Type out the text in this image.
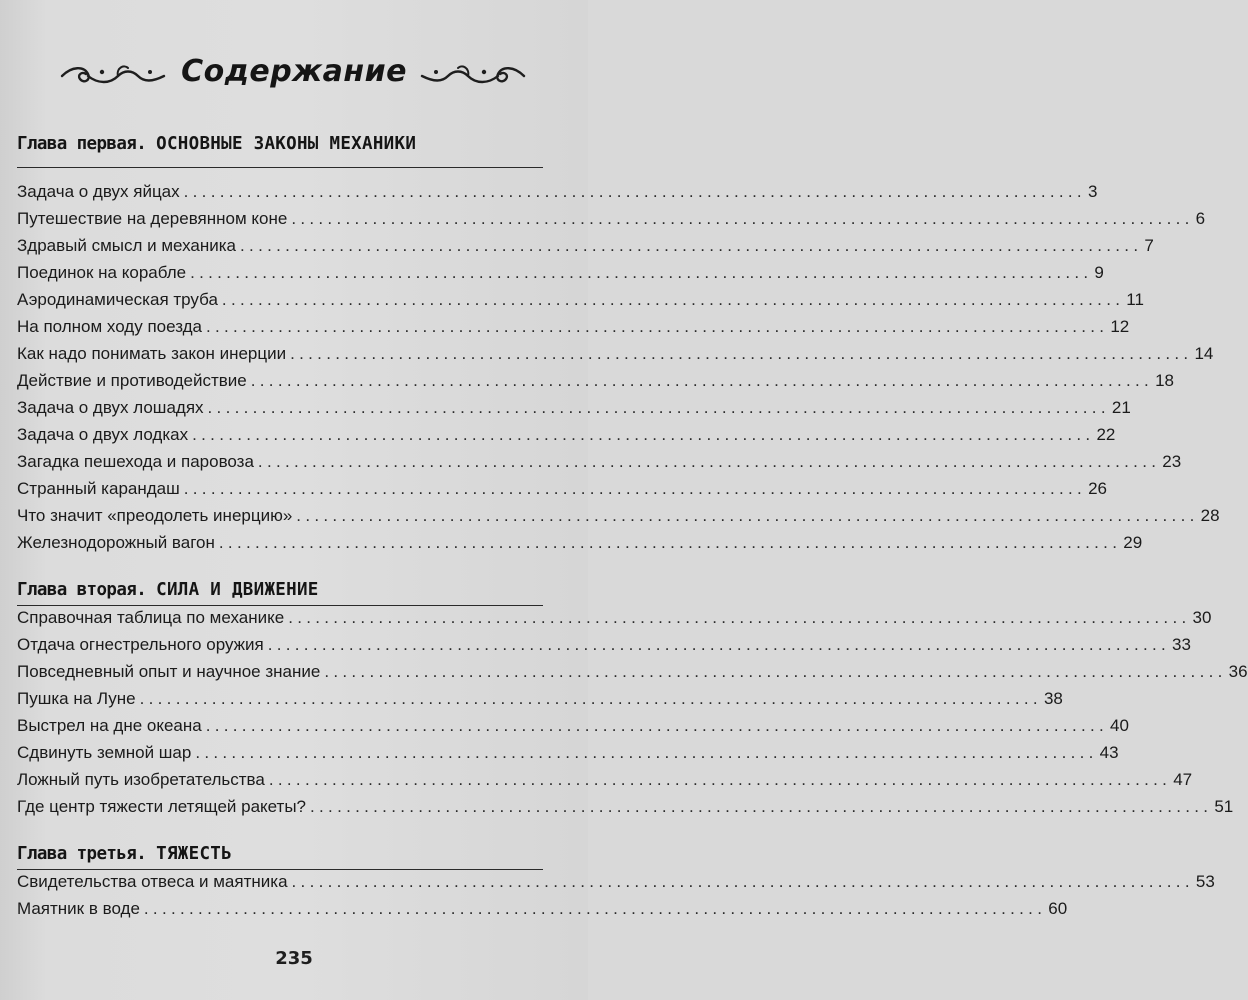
Содержание
Глава первая. ОСНОВНЫЕ ЗАКОНЫ МЕХАНИКИ
Задача о двух яйцах .................................................................................................... 3
Путешествие на деревянном коне .................................................................................................... 6
Здравый смысл и механика .................................................................................................... 7
Поединок на корабле .................................................................................................... 9
Аэродинамическая труба .................................................................................................... 11
На полном ходу поезда .................................................................................................... 12
Как надо понимать закон инерции .................................................................................................... 14
Действие и противодействие .................................................................................................... 18
Задача о двух лошадях .................................................................................................... 21
Задача о двух лодках .................................................................................................... 22
Загадка пешехода и паровоза .................................................................................................... 23
Странный карандаш .................................................................................................... 26
Что значит «преодолеть инерцию» .................................................................................................... 28
Железнодорожный вагон .................................................................................................... 29
Глава вторая. СИЛА И ДВИЖЕНИЕ
Справочная таблица по механике .................................................................................................... 30
Отдача огнестрельного оружия .................................................................................................... 33
Повседневный опыт и научное знание .................................................................................................... 36
Пушка на Луне .................................................................................................... 38
Выстрел на дне океана .................................................................................................... 40
Сдвинуть земной шар .................................................................................................... 43
Ложный путь изобретательства .................................................................................................... 47
Где центр тяжести летящей ракеты? .................................................................................................... 51
Глава третья. ТЯЖЕСТЬ
Свидетельства отвеса и маятника .................................................................................................... 53
Маятник в воде .................................................................................................... 60
235
